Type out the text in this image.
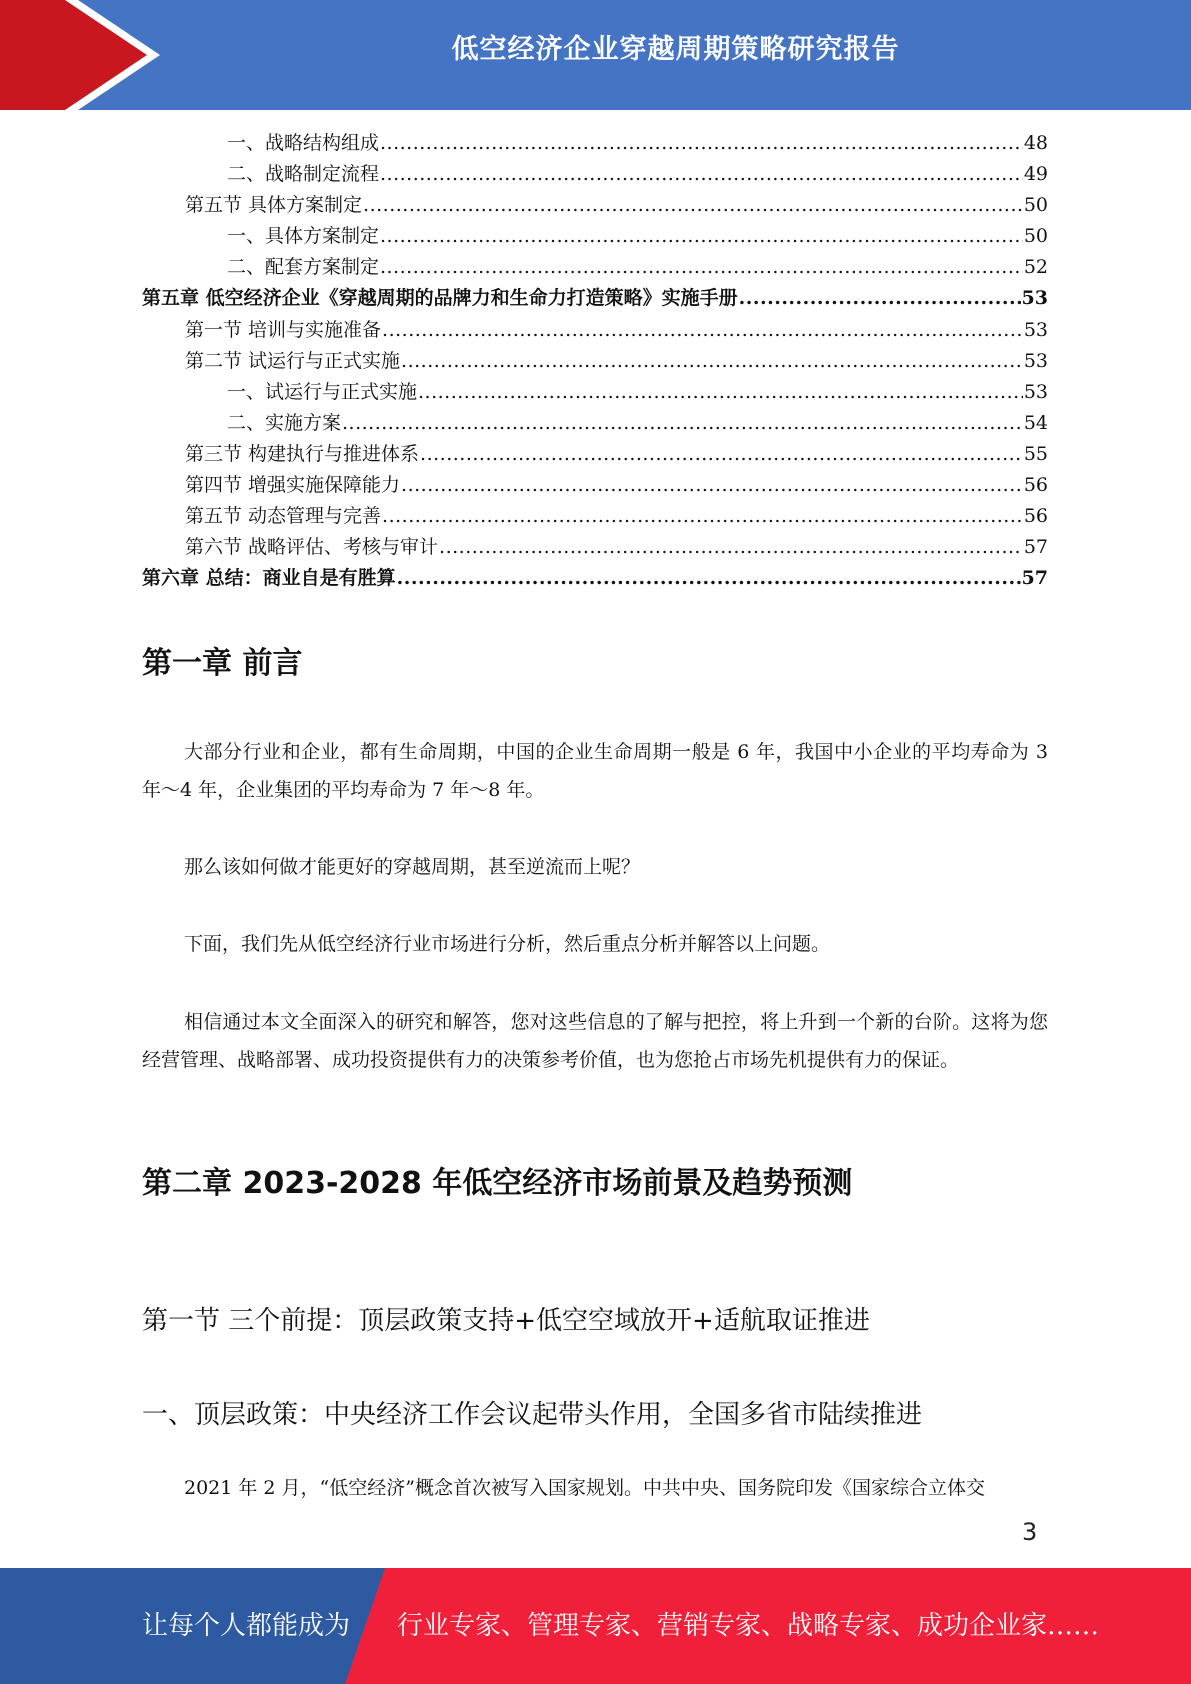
低空经济企业穿越周期策略研究报告
一、战略结构组成 .....	48
二、战略制定流程 .....	49
第五节 具体方案制定 .....	50
一、具体方案制定 .....	50
二、配套方案制定 .....	52
第五章 低空经济企业《穿越周期的品牌力和生命力打造策略》实施手册 .....	53
第一节 培训与实施准备 .....	53
第二节 试运行与正式实施 .....	53
一、试运行与正式实施 .....	53
二、实施方案 .....	54
第三节 构建执行与推进体系 .....	55
第四节 增强实施保障能力 .....	56
第五节 动态管理与完善 .....	56
第六节 战略评估、考核与审计 .....	57
第六章 总结：商业自是有胜算 .....	57
第一章 前言

大部分行业和企业，都有生命周期，中国的企业生命周期一般是 6 年，我国中小企业的平均寿命为 3 年～4 年，企业集团的平均寿命为 7 年～8 年。

那么该如何做才能更好的穿越周期，甚至逆流而上呢？

下面，我们先从低空经济行业市场进行分析，然后重点分析并解答以上问题。

相信通过本文全面深入的研究和解答，您对这些信息的了解与把控，将上升到一个新的台阶。这将为您经营管理、战略部署、成功投资提供有力的决策参考价值，也为您抢占市场先机提供有力的保证。

第二章 2023-2028 年低空经济市场前景及趋势预测
第一节 三个前提：顶层政策支持+低空空域放开+适航取证推进
一、顶层政策：中央经济工作会议起带头作用，全国多省市陆续推进

2021 年 2 月，“低空经济”概念首次被写入国家规划。中共中央、国务院印发《国家综合立体交

3
让每个人都能成为 行业专家、管理专家、营销专家、战略专家、成功企业家……
